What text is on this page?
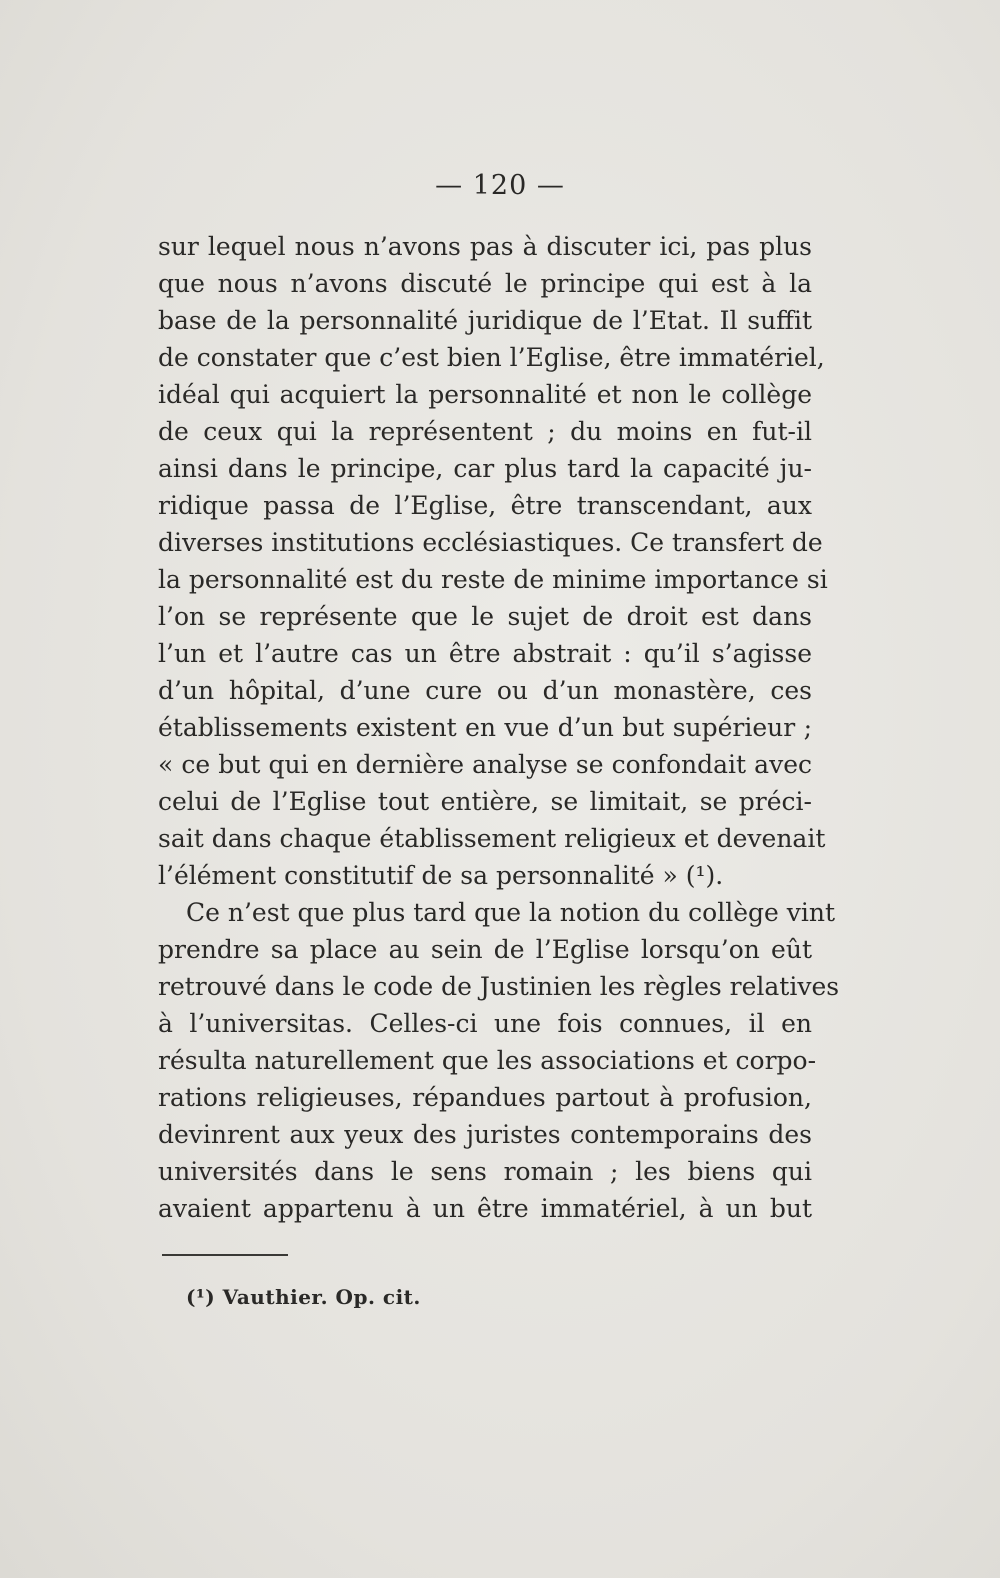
— 120 —
sur lequel nous n’avons pas à discuter ici, pas plus
que nous n’avons discuté le principe qui est à la
base de la personnalité juridique de l’Etat. Il suffit
de constater que c’est bien l’Eglise, être immatériel,
idéal qui acquiert la personnalité et non le collège
de ceux qui la représentent ; du moins en fut-il
ainsi dans le principe, car plus tard la capacité ju-
ridique passa de l’Eglise, être transcendant, aux
diverses institutions ecclésiastiques. Ce transfert de
la personnalité est du reste de minime importance si
l’on se représente que le sujet de droit est dans
l’un et l’autre cas un être abstrait : qu’il s’agisse
d’un hôpital, d’une cure ou d’un monastère, ces
établissements existent en vue d’un but supérieur ;
« ce but qui en dernière analyse se confondait avec
celui de l’Eglise tout entière, se limitait, se préci-
sait dans chaque établissement religieux et devenait
l’élément constitutif de sa personnalité » (¹).
Ce n’est que plus tard que la notion du collège vint
prendre sa place au sein de l’Eglise lorsqu’on eût
retrouvé dans le code de Justinien les règles relatives
à l’universitas. Celles-ci une fois connues, il en
résulta naturellement que les associations et corpo-
rations religieuses, répandues partout à profusion,
devinrent aux yeux des juristes contemporains des
universités dans le sens romain ; les biens qui
avaient appartenu à un être immatériel, à un but
(¹) Vauthier. Op. cit.
